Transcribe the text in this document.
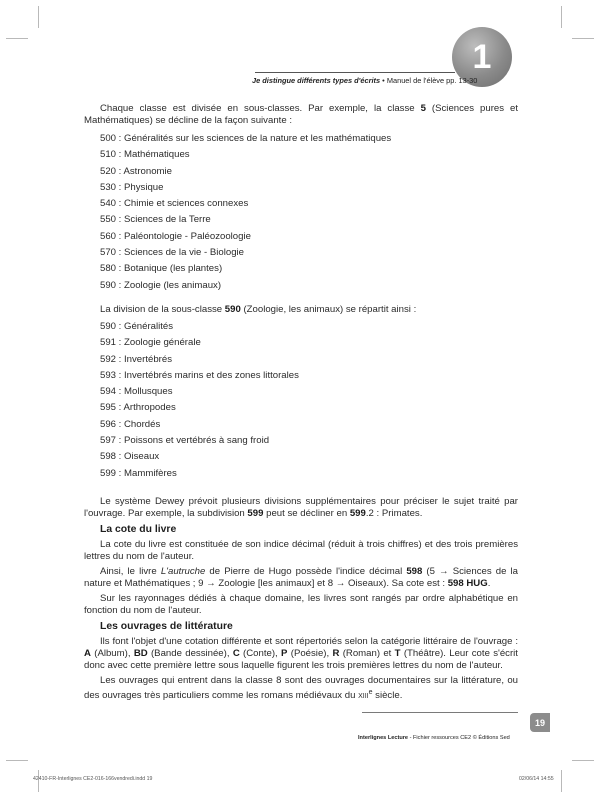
1
Je distingue différents types d'écrits • Manuel de l'élève pp. 13-30

Chaque classe est divisée en sous-classes. Par exemple, la classe 5 (Sciences pures et Mathématiques) se décline de la façon suivante :

500 : Généralités sur les sciences de la nature et les mathématiques
510 : Mathématiques
520 : Astronomie
530 : Physique
540 : Chimie et sciences connexes
550 : Sciences de la Terre
560 : Paléontologie - Paléozoologie
570 : Sciences de la vie - Biologie
580 : Botanique (les plantes)
590 : Zoologie (les animaux)

La division de la sous-classe 590 (Zoologie, les animaux) se répartit ainsi :

590 : Généralités
591 : Zoologie générale
592 : Invertébrés
593 : Invertébrés marins et des zones littorales
594 : Mollusques
595 : Arthropodes
596 : Chordés
597 : Poissons et vertébrés à sang froid
598 : Oiseaux
599 : Mammifères

Le système Dewey prévoit plusieurs divisions supplémentaires pour préciser le sujet traité par l'ouvrage. Par exemple, la subdivision 599 peut se décliner en 599.2 : Primates.

La cote du livre

La cote du livre est constituée de son indice décimal (réduit à trois chiffres) et des trois premières lettres du nom de l'auteur.

Ainsi, le livre L'autruche de Pierre de Hugo possède l'indice décimal 598 (5 → Sciences de la nature et Mathématiques ; 9 → Zoologie [les animaux] et 8 → Oiseaux). Sa cote est : 598 HUG.

Sur les rayonnages dédiés à chaque domaine, les livres sont rangés par ordre alphabétique en fonction du nom de l'auteur.

Les ouvrages de littérature

Ils font l'objet d'une cotation différente et sont répertoriés selon la catégorie littéraire de l'ouvrage : A (Album), BD (Bande dessinée), C (Conte), P (Poésie), R (Roman) et T (Théâtre). Leur cote s'écrit donc avec cette première lettre sous laquelle figurent les trois premières lettres du nom de l'auteur.

Les ouvrages qui entrent dans la classe 8 sont des ouvrages documentaires sur la littérature, ou des ouvrages très particuliers comme les romans médiévaux du XIIIe siècle.

19
Interlignes Lecture - Fichier ressources CE2 © Éditions Sed
42410-FR-Interlignes CE2-016-166vendredi.indd 19	02/06/14 14:55
